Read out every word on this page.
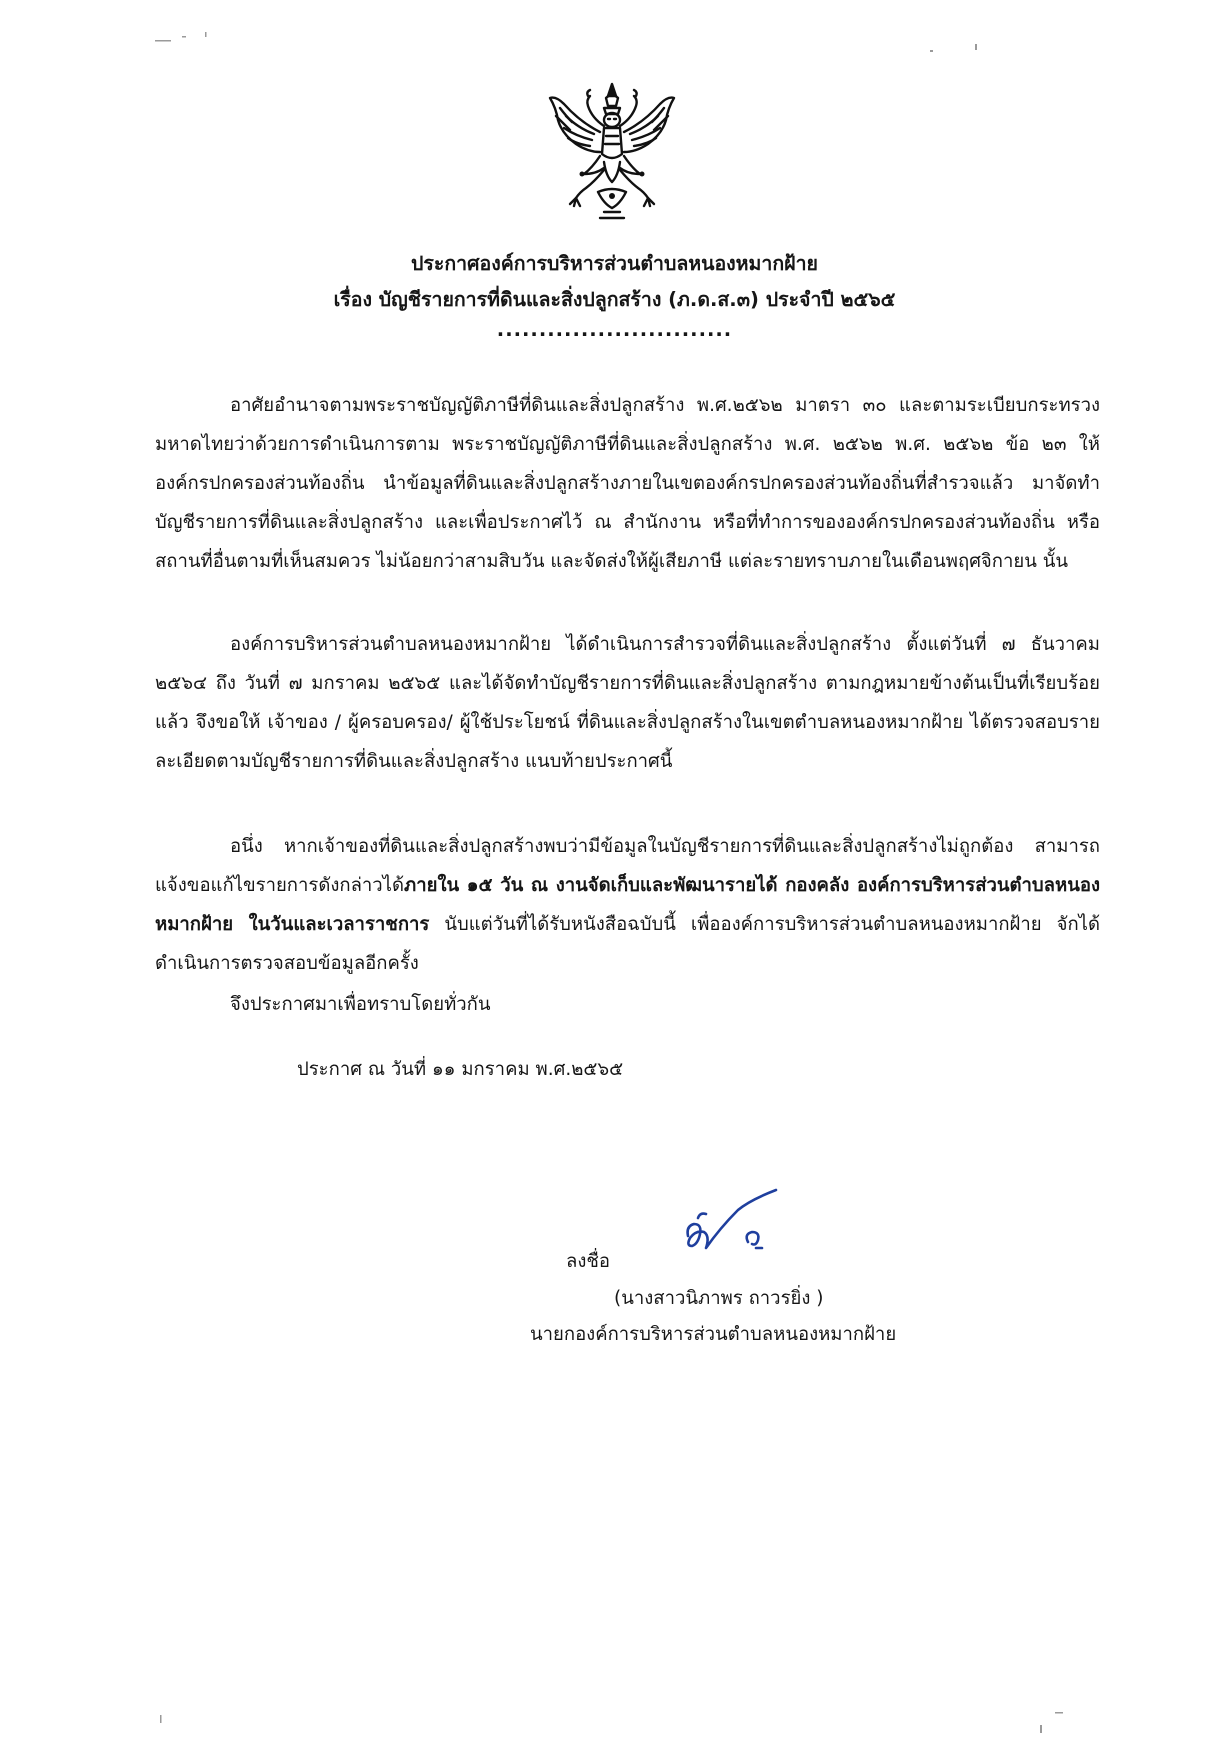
ประกาศองค์การบริหารส่วนตำบลหนองหมากฝ้าย
เรื่อง บัญชีรายการที่ดินและสิ่งปลูกสร้าง (ภ.ด.ส.๓) ประจำปี ๒๕๖๕
............................
อาศัยอำนาจตามพระราชบัญญัติภาษีที่ดินและสิ่งปลูกสร้าง พ.ศ.๒๕๖๒ มาตรา ๓๐ และตามระเบียบกระทรวงมหาดไทยว่าด้วยการดำเนินการตาม พระราชบัญญัติภาษีที่ดินและสิ่งปลูกสร้าง พ.ศ. ๒๕๖๒ พ.ศ. ๒๕๖๒ ข้อ ๒๓ ให้องค์กรปกครองส่วนท้องถิ่น นำข้อมูลที่ดินและสิ่งปลูกสร้างภายในเขตองค์กรปกครองส่วนท้องถิ่นที่สำรวจแล้ว มาจัดทำบัญชีรายการที่ดินและสิ่งปลูกสร้าง และเพื่อประกาศไว้ ณ สำนักงาน หรือที่ทำการขององค์กรปกครองส่วนท้องถิ่น หรือสถานที่อื่นตามที่เห็นสมควร ไม่น้อยกว่าสามสิบวัน และจัดส่งให้ผู้เสียภาษี แต่ละรายทราบภายในเดือนพฤศจิกายน นั้น
องค์การบริหารส่วนตำบลหนองหมากฝ้าย ได้ดำเนินการสำรวจที่ดินและสิ่งปลูกสร้าง ตั้งแต่วันที่ ๗ ธันวาคม ๒๕๖๔ ถึง วันที่ ๗ มกราคม ๒๕๖๕ และได้จัดทำบัญชีรายการที่ดินและสิ่งปลูกสร้าง ตามกฎหมายข้างต้นเป็นที่เรียบร้อยแล้ว จึงขอให้ เจ้าของ / ผู้ครอบครอง/ ผู้ใช้ประโยชน์ ที่ดินและสิ่งปลูกสร้างในเขตตำบลหนองหมากฝ้าย ได้ตรวจสอบรายละเอียดตามบัญชีรายการที่ดินและสิ่งปลูกสร้าง แนบท้ายประกาศนี้
อนึ่ง หากเจ้าของที่ดินและสิ่งปลูกสร้างพบว่ามีข้อมูลในบัญชีรายการที่ดินและสิ่งปลูกสร้างไม่ถูกต้อง สามารถแจ้งขอแก้ไขรายการดังกล่าวได้ภายใน ๑๕ วัน ณ งานจัดเก็บและพัฒนารายได้ กองคลัง องค์การบริหารส่วนตำบลหนองหมากฝ้าย ในวันและเวลาราชการ นับแต่วันที่ได้รับหนังสือฉบับนี้ เพื่อองค์การบริหารส่วนตำบลหนองหมากฝ้าย จักได้ดำเนินการตรวจสอบข้อมูลอีกครั้ง
จึงประกาศมาเพื่อทราบโดยทั่วกัน
ประกาศ ณ วันที่ ๑๑ มกราคม พ.ศ.๒๕๖๕
ลงชื่อ
(นางสาวนิภาพร ถาวรยิ่ง )
นายกองค์การบริหารส่วนตำบลหนองหมากฝ้าย
